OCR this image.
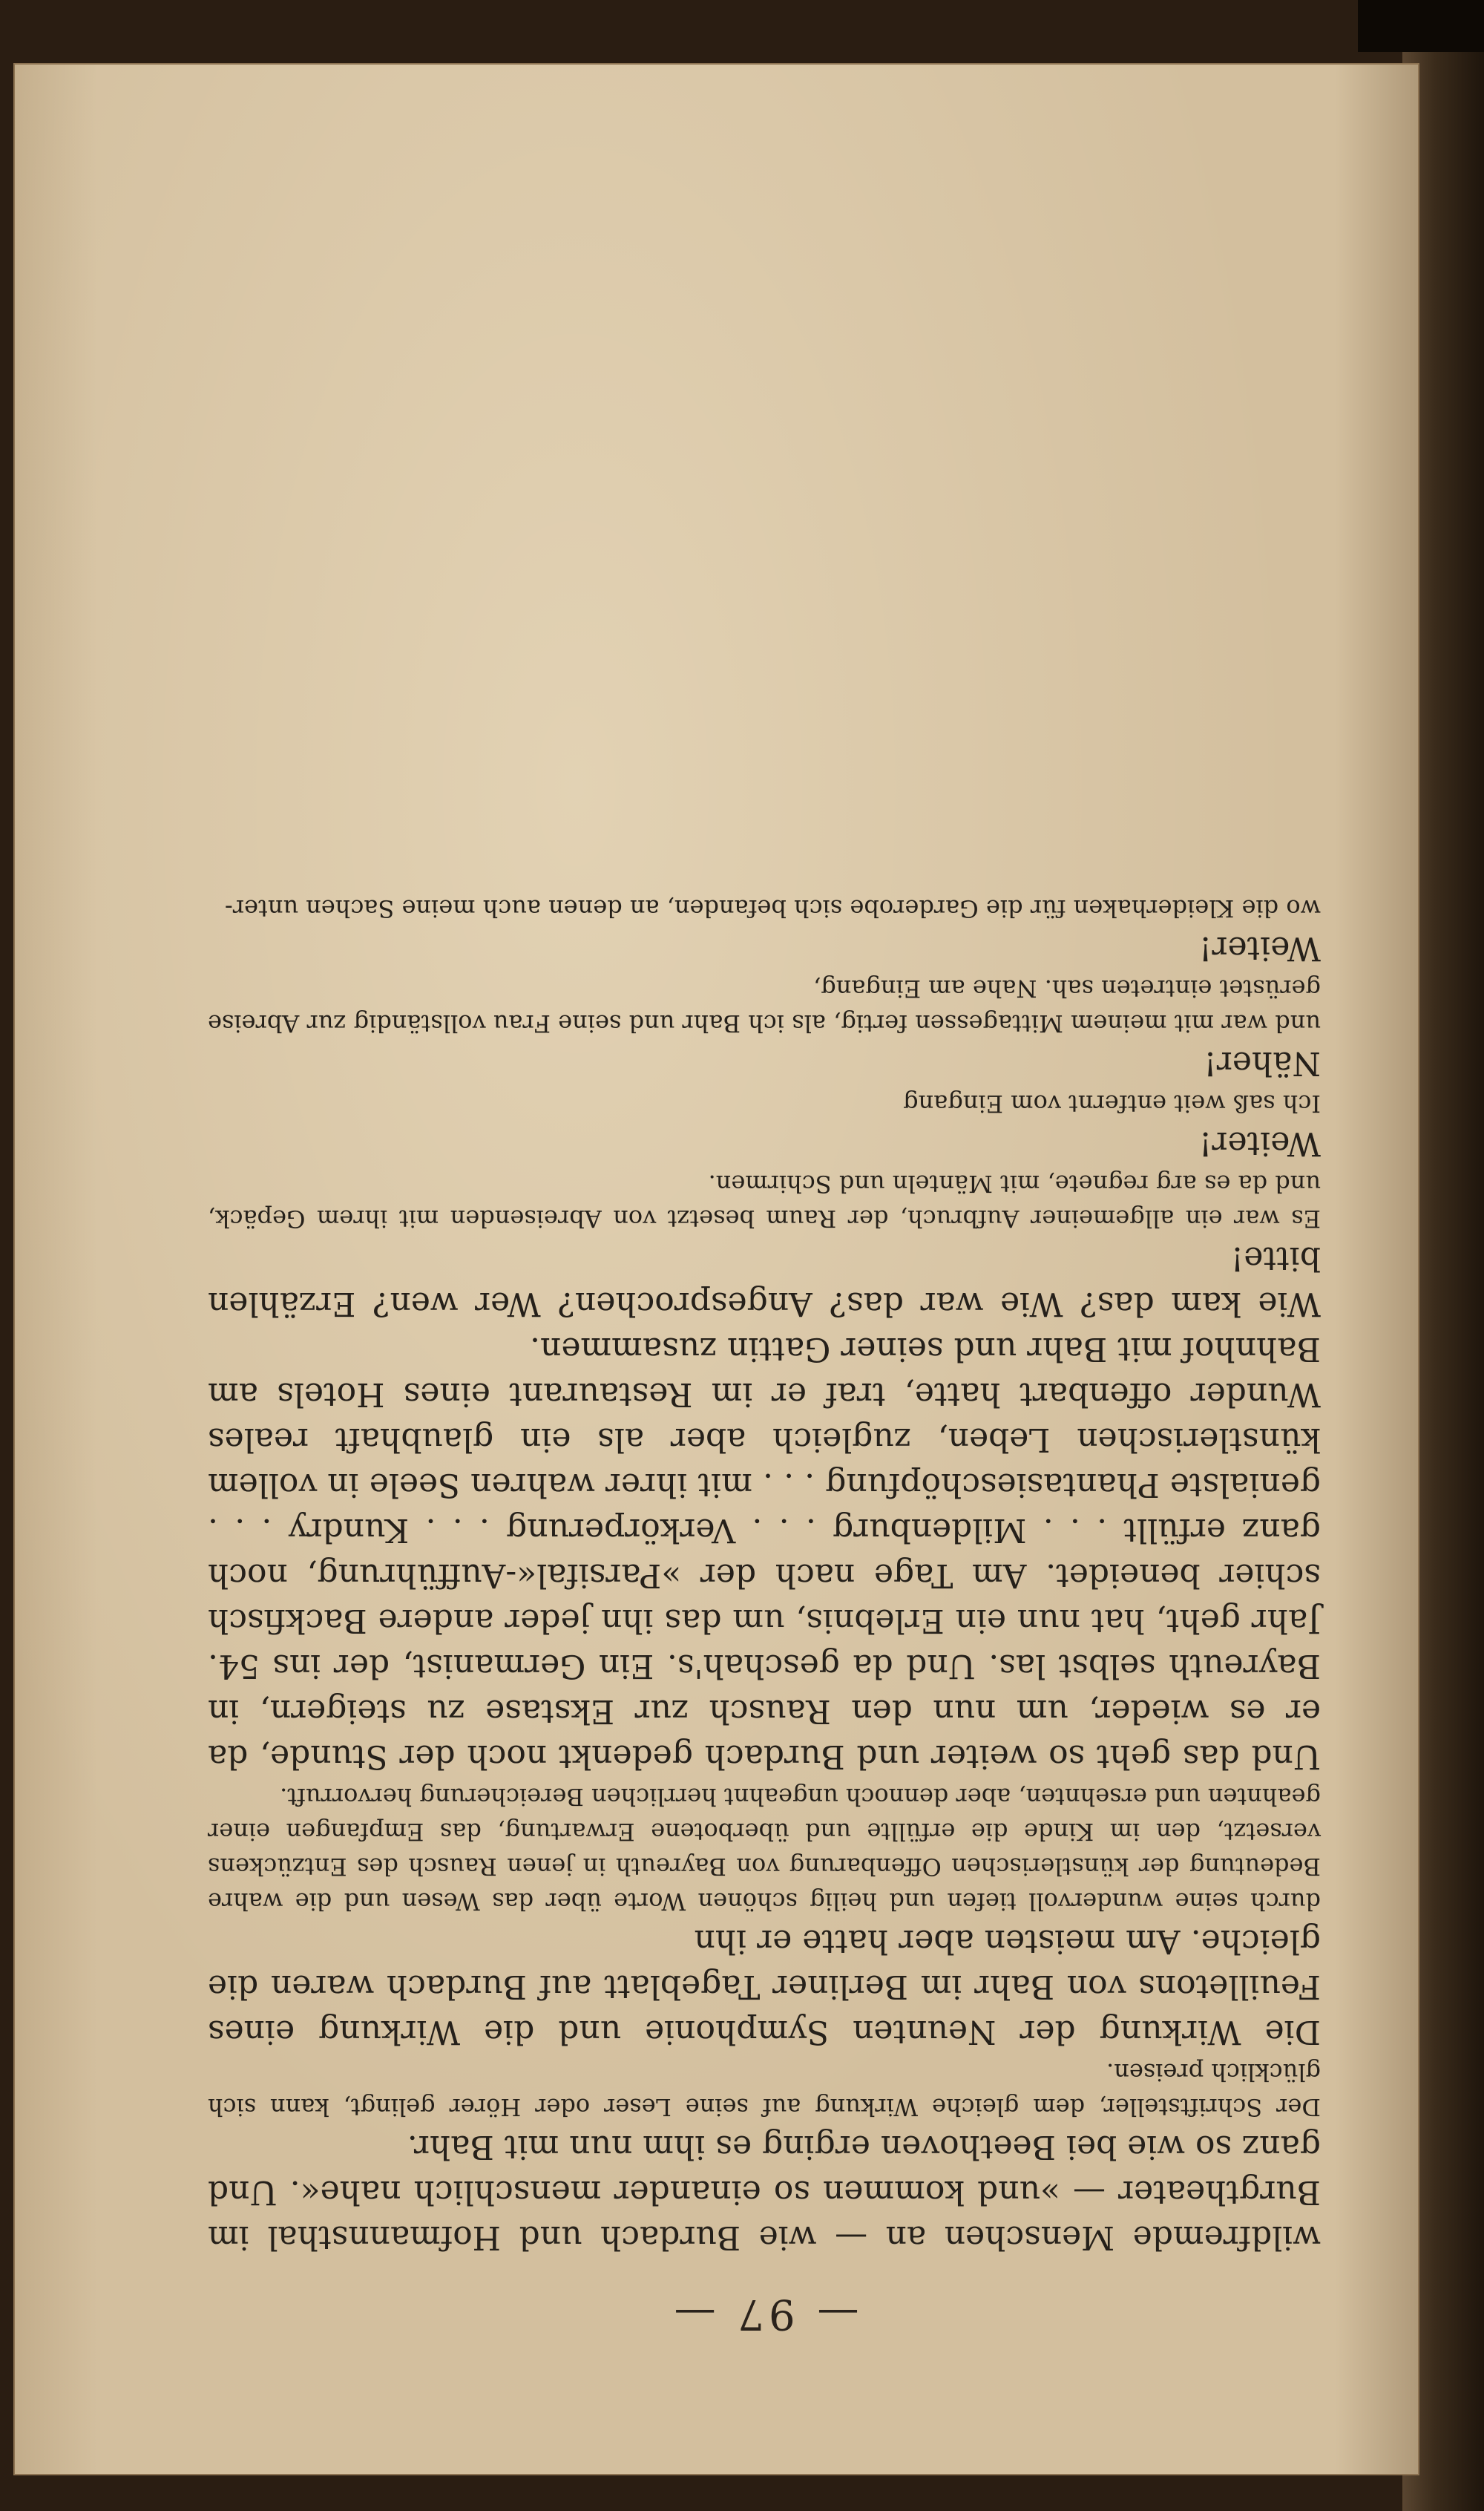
— 97 —

wildfremde Menschen an — wie Burdach und Hofmannsthal im Burgtheater — »und kommen so einander menschlich nahe«. Und ganz so wie bei Beethoven erging es ihm nun mit Bahr.

Der Schriftsteller, dem gleiche Wirkung auf seine Leser oder Hörer gelingt, kann sich glücklich preisen.

Die Wirkung der Neunten Symphonie und die Wirkung eines Feuilletons von Bahr im Berliner Tageblatt auf Burdach waren die gleiche. Am meisten aber hatte er ihn

durch seine wundervoll tiefen und heilig schönen Worte über das Wesen und die wahre Bedeutung der künstlerischen Offenbarung von Bayreuth in jenen Rausch des Entzückens versetzt, den im Kinde die erfüllte und überbotene Erwartung, das Empfangen einer geahnten und ersehnten, aber dennoch ungeahnt herrlichen Bereicherung hervorruft.

Und das geht so weiter und Burdach gedenkt noch der Stunde, da er es wieder, um nun den Rausch zur Ekstase zu steigern, in Bayreuth selbst las. Und da geschah's. Ein Germanist, der ins 54. Jahr geht, hat nun ein Erlebnis, um das ihn jeder andere Backfisch schier beneidet. Am Tage nach der »Parsifal«-Aufführung, noch ganz erfüllt . . . Mildenburg . . . Verkörperung . . . Kundry . . . genialste Phantasieschöpfung . . . mit ihrer wahren Seele in vollem künstlerischen Leben, zugleich aber als ein glaubhaft reales Wunder offenbart hatte, traf er im Restaurant eines Hotels am Bahnhof mit Bahr und seiner Gattin zusammen.

Wie kam das? Wie war das? Angesprochen? Wer wen? Erzählen bitte!

Es war ein allgemeiner Aufbruch, der Raum besetzt von Abreisenden mit ihrem Gepäck, und da es arg regnete, mit Mänteln und Schirmen.

Weiter!

Ich saß weit entfernt vom Eingang

Näher!

und war mit meinem Mittagessen fertig, als ich Bahr und seine Frau vollständig zur Abreise gerüstet eintreten sah. Nahe am Eingang,

Weiter!

wo die Kleiderhaken für die Garderobe sich befanden, an denen auch meine Sachen unter-
